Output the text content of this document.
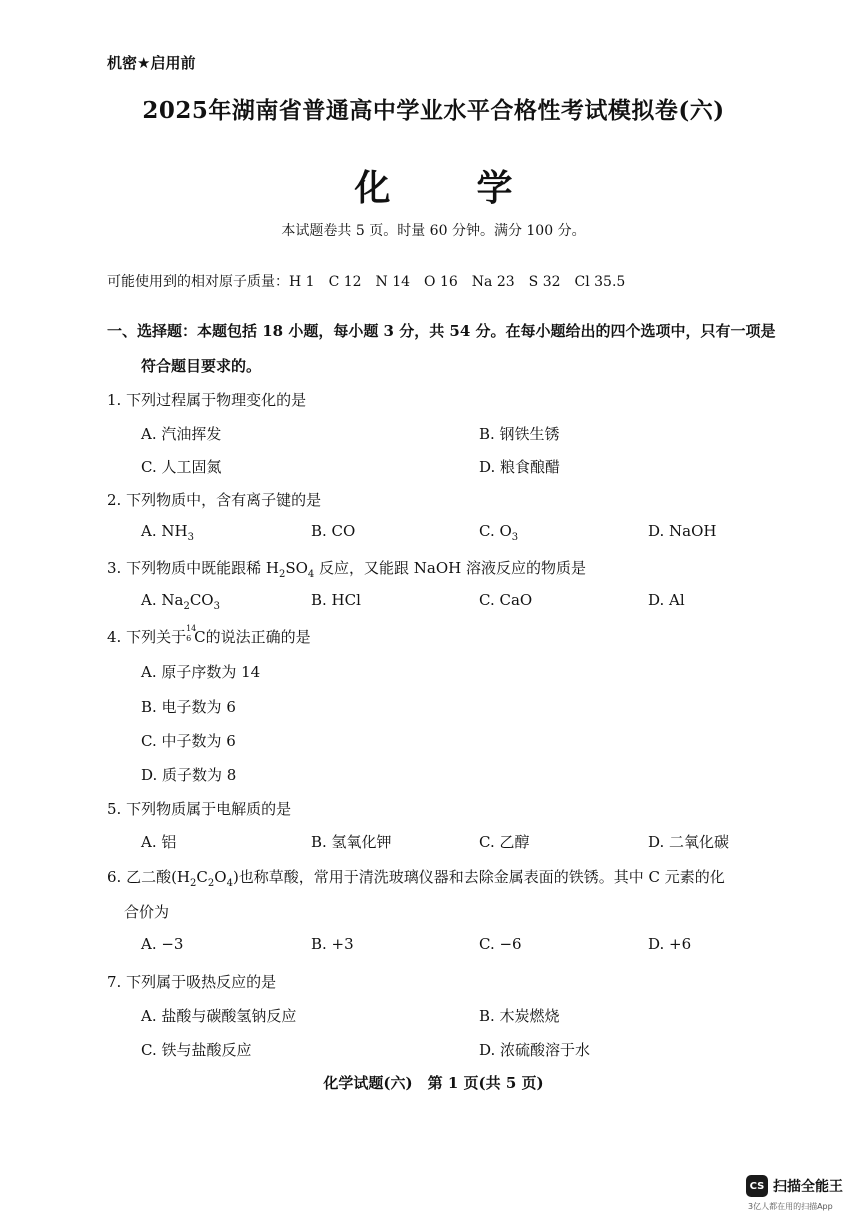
机密★启用前
2025年湖南省普通高中学业水平合格性考试模拟卷(六)
化 学
本试题卷共 5 页。时量 60 分钟。满分 100 分。
可能使用到的相对原子质量：H 1　C 12　N 14　O 16　Na 23　S 32　Cl 35.5
一、选择题：本题包括 18 小题，每小题 3 分，共 54 分。在每小题给出的四个选项中，只有一项是
符合题目要求的。
1. 下列过程属于物理变化的是
A. 汽油挥发	B. 钢铁生锈
C. 人工固氮	D. 粮食酿醋
2. 下列物质中，含有离子键的是
A. $NH_3$	B. CO	C. $O_3$	D. NaOH
3. 下列物质中既能跟稀 $H_2SO_4$ 反应，又能跟 NaOH 溶液反应的物质是
A. $Na_2CO_3$	B. HCl	C. CaO	D. Al
4. 下列关于 14
6 C的说法正确的是
A. 原子序数为 14
B. 电子数为 6
C. 中子数为 6
D. 质子数为 8
5. 下列物质属于电解质的是
A. 铝	B. 氢氧化钾	C. 乙醇	D. 二氧化碳
6. 乙二酸$(H_2C_2O_4)$也称草酸，常用于清洗玻璃仪器和去除金属表面的铁锈。其中 C 元素的化
合价为
A. −3	B. +3	C. −6	D. +6
7. 下列属于吸热反应的是
A. 盐酸与碳酸氢钠反应	B. 木炭燃烧
C. 铁与盐酸反应	D. 浓硫酸溶于水
化学试题(六)　第 1 页(共 5 页)
CS 扫描全能王
3亿人都在用的扫描App
